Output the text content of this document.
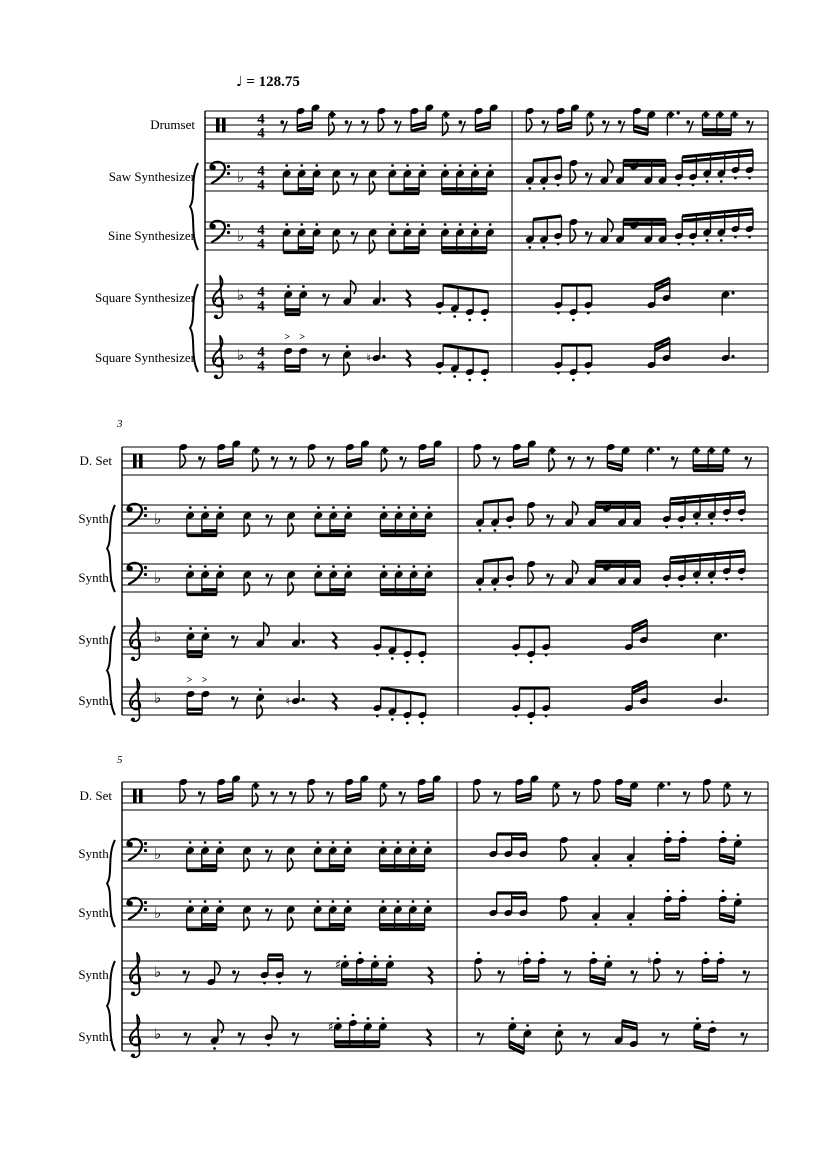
♩ = 128.75
Drumset
Saw Synthesizer
Sine Synthesizer
Square Synthesizer
Square Synthesizer
3
D. Set
Synth.
Synth.
Synth.
Synth.
5
D. Set
Synth.
Synth.
Synth.
Synth.
4
4
♭ 4
4
♭ 4
4
♭ 4
4
♭ 4
4
> >
♮
♭
♭
♭
♭
> >
♮
♭
♭
♭	♯	♭	♮
♭	♯
